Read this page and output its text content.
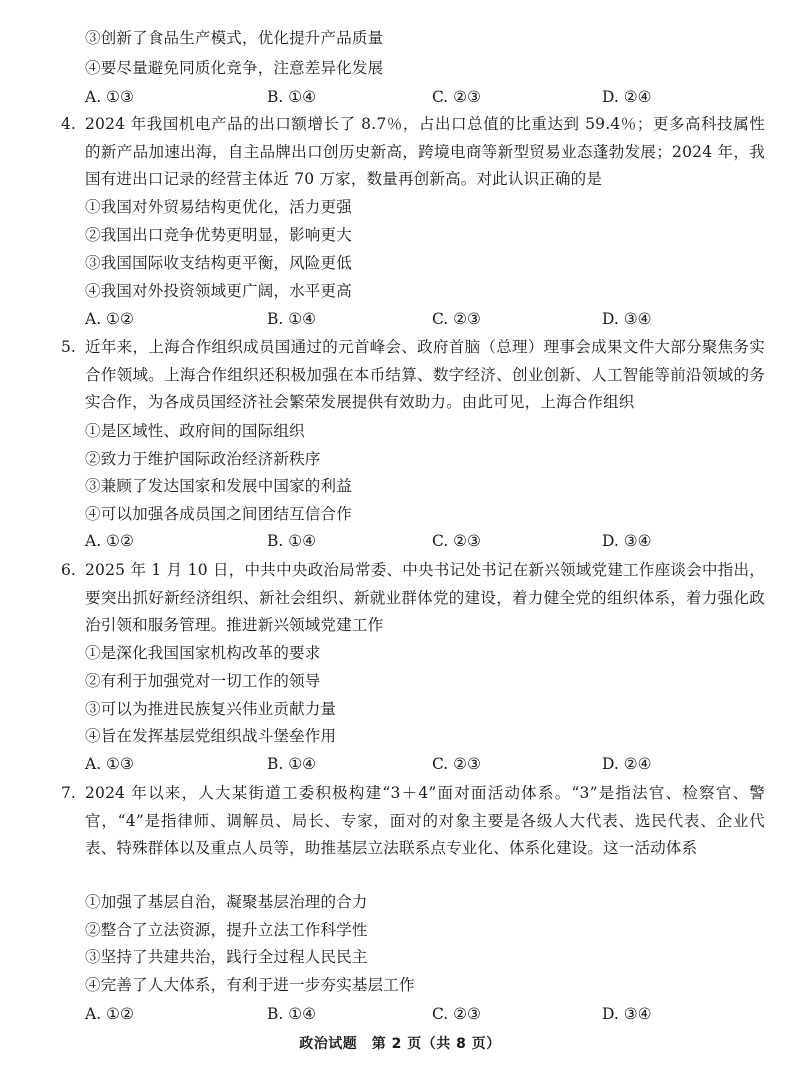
③创新了食品生产模式，优化提升产品质量
④要尽量避免同质化竞争，注意差异化发展
A. ①③	B. ①④	C. ②③	D. ②④
4. 2024 年我国机电产品的出口额增长了 8.7％，占出口总值的比重达到 59.4％；更多高科技属性的新产品加速出海，自主品牌出口创历史新高，跨境电商等新型贸易业态蓬勃发展；2024 年，我国有进出口记录的经营主体近 70 万家，数量再创新高。对此认识正确的是
①我国对外贸易结构更优化，活力更强
②我国出口竞争优势更明显，影响更大
③我国国际收支结构更平衡，风险更低
④我国对外投资领域更广阔，水平更高
A. ①②	B. ①④	C. ②③	D. ③④
5. 近年来，上海合作组织成员国通过的元首峰会、政府首脑（总理）理事会成果文件大部分聚焦务实合作领域。上海合作组织还积极加强在本币结算、数字经济、创业创新、人工智能等前沿领域的务实合作，为各成员国经济社会繁荣发展提供有效助力。由此可见，上海合作组织
①是区域性、政府间的国际组织
②致力于维护国际政治经济新秩序
③兼顾了发达国家和发展中国家的利益
④可以加强各成员国之间团结互信合作
A. ①②	B. ①④	C. ②③	D. ③④
6. 2025 年 1 月 10 日，中共中央政治局常委、中央书记处书记在新兴领域党建工作座谈会中指出，要突出抓好新经济组织、新社会组织、新就业群体党的建设，着力健全党的组织体系，着力强化政治引领和服务管理。推进新兴领域党建工作
①是深化我国国家机构改革的要求
②有利于加强党对一切工作的领导
③可以为推进民族复兴伟业贡献力量
④旨在发挥基层党组织战斗堡垒作用
A. ①③	B. ①④	C. ②③	D. ②④
7. 2024 年以来，人大某街道工委积极构建“3＋4”面对面活动体系。“3”是指法官、检察官、警官，“4”是指律师、调解员、局长、专家，面对的对象主要是各级人大代表、选民代表、企业代表、特殊群体以及重点人员等，助推基层立法联系点专业化、体系化建设。这一活动体系
①加强了基层自治，凝聚基层治理的合力
②整合了立法资源，提升立法工作科学性
③坚持了共建共治，践行全过程人民民主
④完善了人大体系，有利于进一步夯实基层工作
A. ①②	B. ①④	C. ②③	D. ③④
政治试题　第 2 页（共 8 页）
